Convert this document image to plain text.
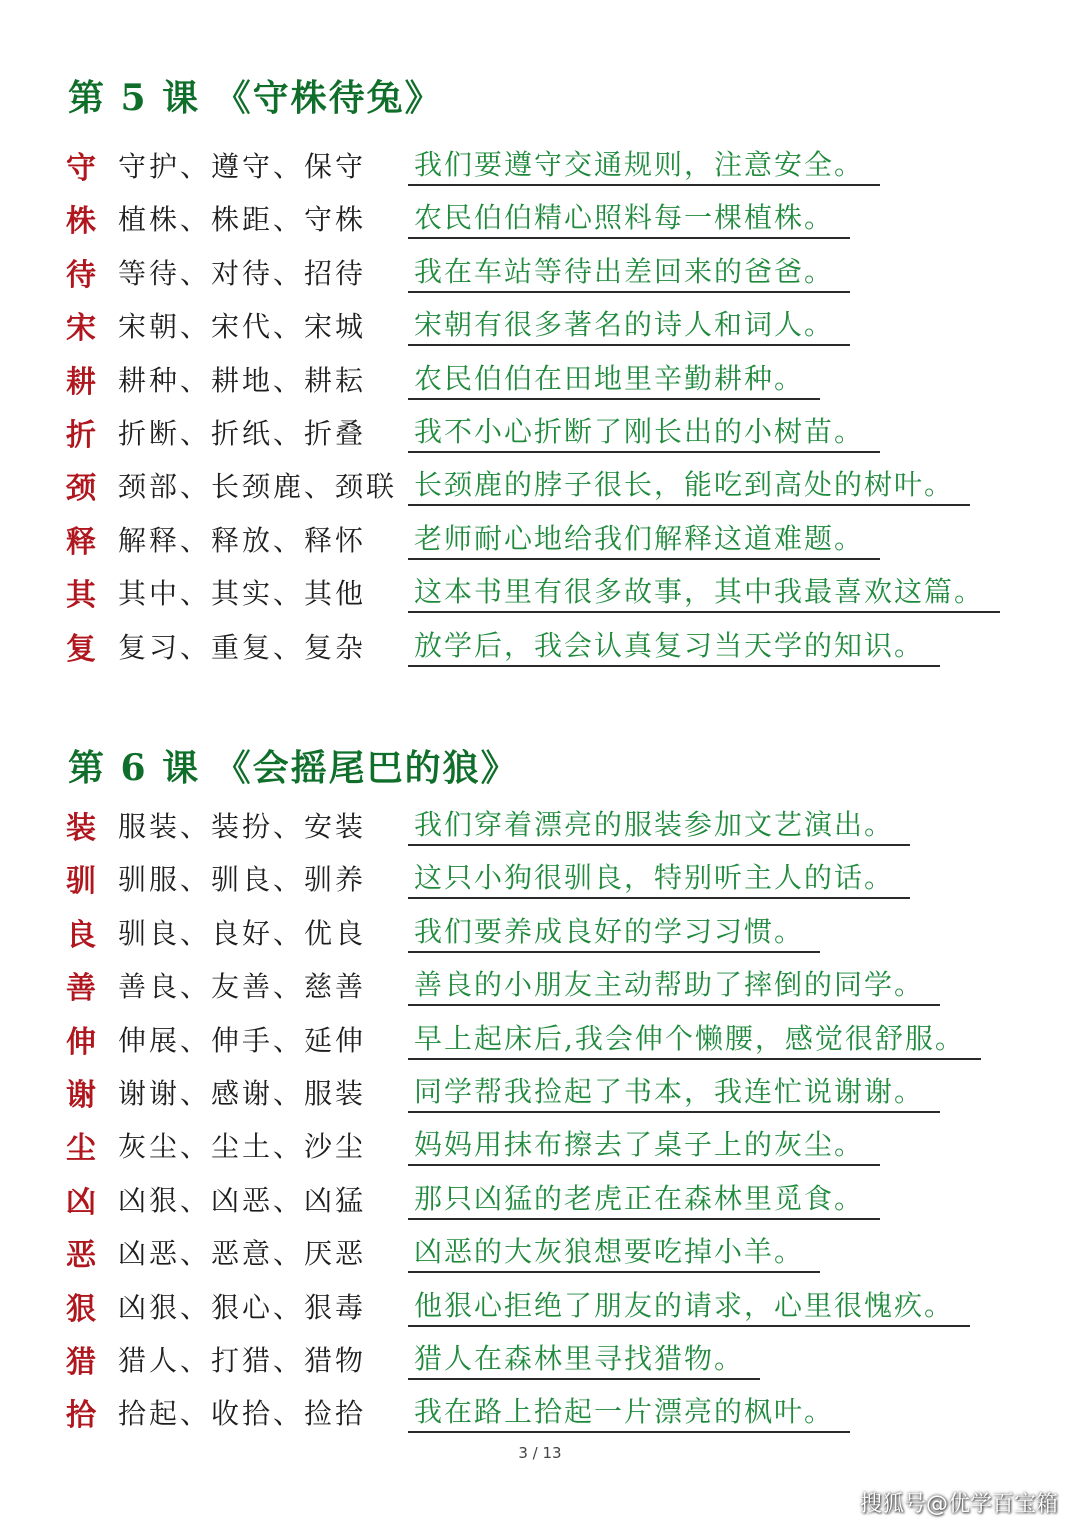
第 5 课 《守株待兔》
守 守护、遵守、保守 我们要遵守交通规则，注意安全。
株 植株、株距、守株 农民伯伯精心照料每一棵植株。
待 等待、对待、招待 我在车站等待出差回来的爸爸。
宋 宋朝、宋代、宋城 宋朝有很多著名的诗人和词人。
耕 耕种、耕地、耕耘 农民伯伯在田地里辛勤耕种。
折 折断、折纸、折叠 我不小心折断了刚长出的小树苗。
颈 颈部、长颈鹿、颈联 长颈鹿的脖子很长，能吃到高处的树叶。
释 解释、释放、释怀 老师耐心地给我们解释这道难题。
其 其中、其实、其他 这本书里有很多故事，其中我最喜欢这篇。
复 复习、重复、复杂 放学后，我会认真复习当天学的知识。
第 6 课 《会摇尾巴的狼》
装 服装、装扮、安装 我们穿着漂亮的服装参加文艺演出。
驯 驯服、驯良、驯养 这只小狗很驯良，特别听主人的话。
良 驯良、良好、优良 我们要养成良好的学习习惯。
善 善良、友善、慈善 善良的小朋友主动帮助了摔倒的同学。
伸 伸展、伸手、延伸 早上起床后,我会伸个懒腰，感觉很舒服。
谢 谢谢、感谢、服装 同学帮我捡起了书本，我连忙说谢谢。
尘 灰尘、尘土、沙尘 妈妈用抹布擦去了桌子上的灰尘。
凶 凶狠、凶恶、凶猛 那只凶猛的老虎正在森林里觅食。
恶 凶恶、恶意、厌恶 凶恶的大灰狼想要吃掉小羊。
狠 凶狠、狠心、狠毒 他狠心拒绝了朋友的请求，心里很愧疚。
猎 猎人、打猎、猎物 猎人在森林里寻找猎物。
拾 拾起、收拾、捡拾 我在路上拾起一片漂亮的枫叶。
3 / 13
搜狐号@优学百宝箱
